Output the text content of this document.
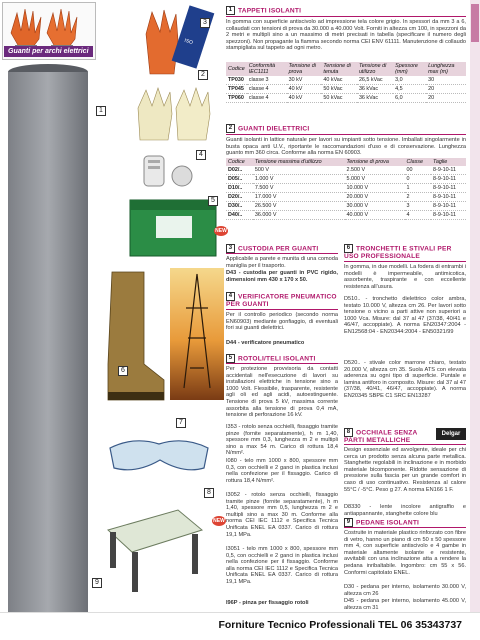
Guanti per archi elettrici
1
ISO
3
2
4
5
NEW
6
7
8
NEW
9
1 TAPPETI ISOLANTI
In gomma con superficie antiscivolo ad impressione tela colore grigio. In spessori da mm 3 a 6, collaudati con tensioni di prova da 30.000 a 40.000 Volt. Forniti in altezza cm 100, in spezzoni da 2 metri e multipli sino a un massimo di metri precisati in tabella (specificare il numero degli spezzoni). Non propagante la fiamma secondo norma CEI ENV 61111. Manutenzione di collaudo stampigliata sul tappeto ad ogni metro.
Codice	Conformità IEC1111	Tensione di prova	Tensione di tenuta	Tensione di utilizzo	Spessore (mm)	Lunghezza max (m)
TP030	classe 3	30 kV	40 kVac	26,5 kVac	3,0	30
TP045	classe 4	40 kV	50 kVac	36 kVac	4,5	20
TP060	classe 4	40 kV	50 kVac	36 kVac	6,0	20
2 GUANTI DIELETTRICI
Guanti isolanti in lattice naturale per lavori su impianti sotto tensione. Imballati singolarmente in busta opaca anti U.V., riportante le raccomandazioni d'uso e di conservazione. Lunghezza guanto mm 360 circa. Conforme alla norma EN 60903.
Codice	Tensione massima d'utilizzo	Tensione di prova	Classe	Taglie
D02/..	500 V	2.500 V	00	8-9-10-11
D05/..	1.000 V	5.000 V	0	8-9-10-11
D10/..	7.500 V	10.000 V	1	8-9-10-11
D20/..	17.000 V	20.000 V	2	8-9-10-11
D30/..	26.500 V	30.000 V	3	8-9-10-11
D40/..	36.000 V	40.000 V	4	8-9-10-11
3 CUSTODIA PER GUANTI
Applicabile a parete e munita di una comoda maniglia per il trasporto.
D43 - custodia per guanti in PVC rigido, dimensioni mm 430 x 170 x 50.
4 VERIFICATORE PNEUMATICO PER GUANTI
Per il controllo periodico (secondo norma EN60903) mediante gonfiaggio, di eventuali fori sui guanti dielettrici.
D44 - verificatore pneumatico
5 ROTOLI/TELI ISOLANTI
Per protezione provvisoria da contatti accidentali nell'esecuzione di lavori su installazioni elettriche in tensione sino a 1000 Volt. Flessibile, trasparente, resistente agli oli ed agli acidi, autoestinguente. Tensione di prova 5 kV, massima corrente assorbita alla tensione di prova 0,4 mA, tensione di perforazione 16 kV.
I353 - rotolo senza occhielli, fissaggio tramite pinze (fornite separatamente), h m 1,40, spessore mm 0,3, lunghezza m 2 e multipli sino a max 54 m. Carico di rottura 18,4 N/mm².
I080 - telo mm 1000 x 800, spessore mm 0,3, con occhielli e 2 ganci in plastica inclusi nella confezione per il fissaggio. Carico di rottura 18,4 N/mm².
I3052 - rotolo senza occhielli, fissaggio tramite pinze (fornite separatamente), h m 1,40, spessore mm 0,5, lunghezza m 2 e multipli sino a max 30 m. Conforme alla norma CEI IEC 1112 e Specifica Tecnica Unificata ENEL EA 0337. Carico di rottura 19,1 MPa.
I3051 - telo mm 1000 x 800, spessore mm 0,5, con occhielli e 2 ganci in plastica inclusi nella confezione per il fissaggio. Conforme alla norma CEI IEC 1112 e Specifica Tecnica Unificata ENEL EA 0337. Carico di rottura 19,1 MPa.
I96P - pinza per fissaggio rotoli
6 TRONCHETTI E STIVALI PER USO PROFESSIONALE
In gomma, in due modelli. La fodera di entrambi i modelli è impermeabile, antimicotica, assorbente, traspirante e con eccellente resistenza all'usura.
D510.. - tronchetto dielettrico color ambra, testato 10.000 V, altezza cm 26. Per lavori sotto tensione o vicino a parti attive non superiori a 1000 Vca. Misure: dal 37 al 47 (37/38, 40/41 e 46/47, accoppiate). A norma EN20347:2004 - EN12568:04 - EN20344:2004 - EN50321/99
D520.. - stivale color marrone chiaro, testato 20.000 V, altezza cm 35. Suola ATS con elevata aderenza su ogni tipo di superficie. Puntale e lamina antiforo in composito. Misure: dal 37 al 47 (37/38, 40/41, 46/47, accoppiate). A norma EN20345 SBPE C1 SRC EN13287
8 OCCHIALE SENZA PARTI METALLICHE
Delgar
Design essenziale ed avvolgente, ideale per chi cerca un prodotto senza alcuna parte metallica. Stanghette regolabili in inclinazione e in morbido materiale bicomponente. Ridotte sensazione di pressione sulla fascia per un grande comfort in caso di uso continuativo. Resistenza al calore 55°C / -5°C. Peso g 27. A norma EN166 1 F.
D8330 - lente incolore antigraffio e antiappannante, stanghette colore blu
9 PEDANE ISOLANTI
Costruite in materiale plastico rinforzato con fibre di vetro, hanno un piano di cm 50 x 50 spessore mm 4, con superficie antiscivolo e 4 gambe in materiale altamente isolante e resistente, avvitabili con una inclinazione atta a rendere la pedana inribaltabile. Ingombro: cm 55 x 56. Conformi capitolato ENEL.
D30 - pedana per interno, isolamento 30.000 V, altezza cm 26
D45 - pedana per interno, isolamento 45.000 V, altezza cm 31
Forniture Tecnico Professionali TEL 06 35343737
